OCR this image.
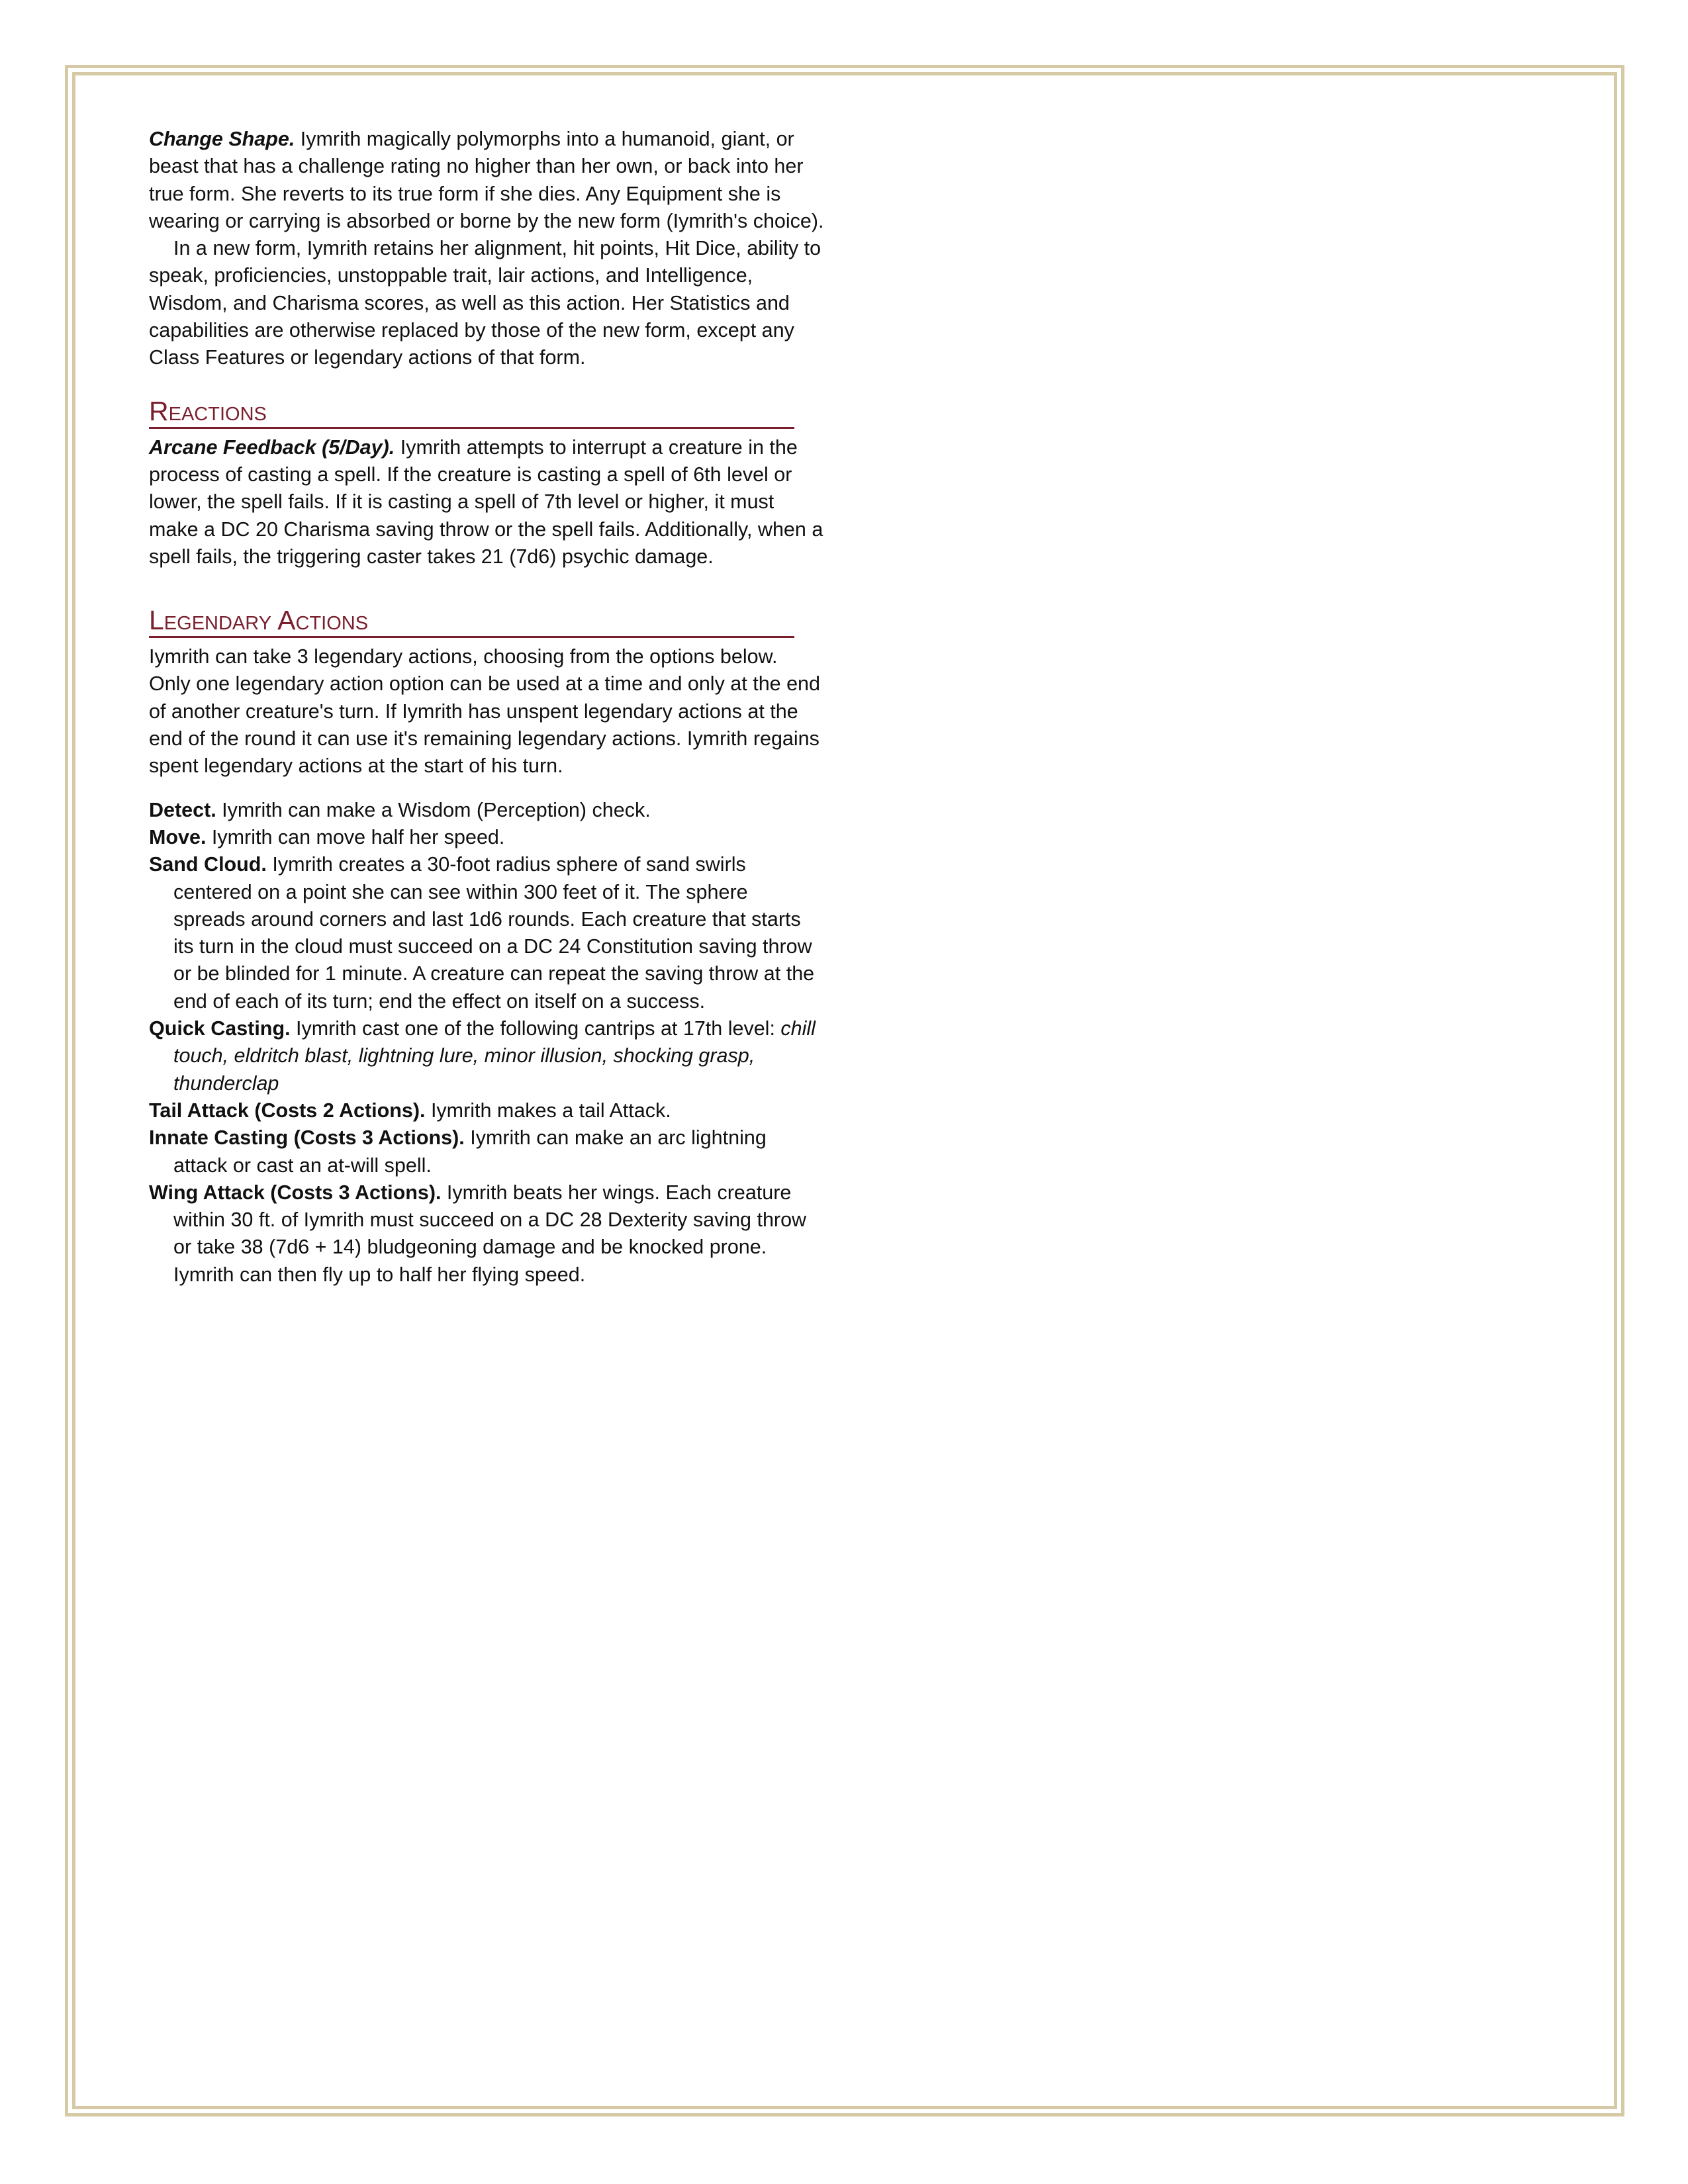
Change Shape. Iymrith magically polymorphs into a humanoid, giant, or beast that has a challenge rating no higher than her own, or back into her true form. She reverts to its true form if she dies. Any Equipment she is wearing or carrying is absorbed or borne by the new form (Iymrith's choice).

In a new form, Iymrith retains her alignment, hit points, Hit Dice, ability to speak, proficiencies, unstoppable trait, lair actions, and Intelligence, Wisdom, and Charisma scores, as well as this action. Her Statistics and capabilities are otherwise replaced by those of the new form, except any Class Features or legendary actions of that form.

Reactions

Arcane Feedback (5/Day). Iymrith attempts to interrupt a creature in the process of casting a spell. If the creature is casting a spell of 6th level or lower, the spell fails. If it is casting a spell of 7th level or higher, it must make a DC 20 Charisma saving throw or the spell fails. Additionally, when a spell fails, the triggering caster takes 21 (7d6) psychic damage.

Legendary Actions

Iymrith can take 3 legendary actions, choosing from the options below. Only one legendary action option can be used at a time and only at the end of another creature's turn. If Iymrith has unspent legendary actions at the end of the round it can use it's remaining legendary actions. Iymrith regains spent legendary actions at the start of his turn.

Detect. Iymrith can make a Wisdom (Perception) check.

Move. Iymrith can move half her speed.

Sand Cloud. Iymrith creates a 30-foot radius sphere of sand swirls centered on a point she can see within 300 feet of it. The sphere spreads around corners and last 1d6 rounds. Each creature that starts its turn in the cloud must succeed on a DC 24 Constitution saving throw or be blinded for 1 minute. A creature can repeat the saving throw at the end of each of its turn; end the effect on itself on a success.

Quick Casting. Iymrith cast one of the following cantrips at 17th level: chill touch, eldritch blast, lightning lure, minor illusion, shocking grasp, thunderclap

Tail Attack (Costs 2 Actions). Iymrith makes a tail Attack.

Innate Casting (Costs 3 Actions). Iymrith can make an arc lightning attack or cast an at-will spell.

Wing Attack (Costs 3 Actions). Iymrith beats her wings. Each creature within 30 ft. of Iymrith must succeed on a DC 28 Dexterity saving throw or take 38 (7d6 + 14) bludgeoning damage and be knocked prone. Iymrith can then fly up to half her flying speed.
